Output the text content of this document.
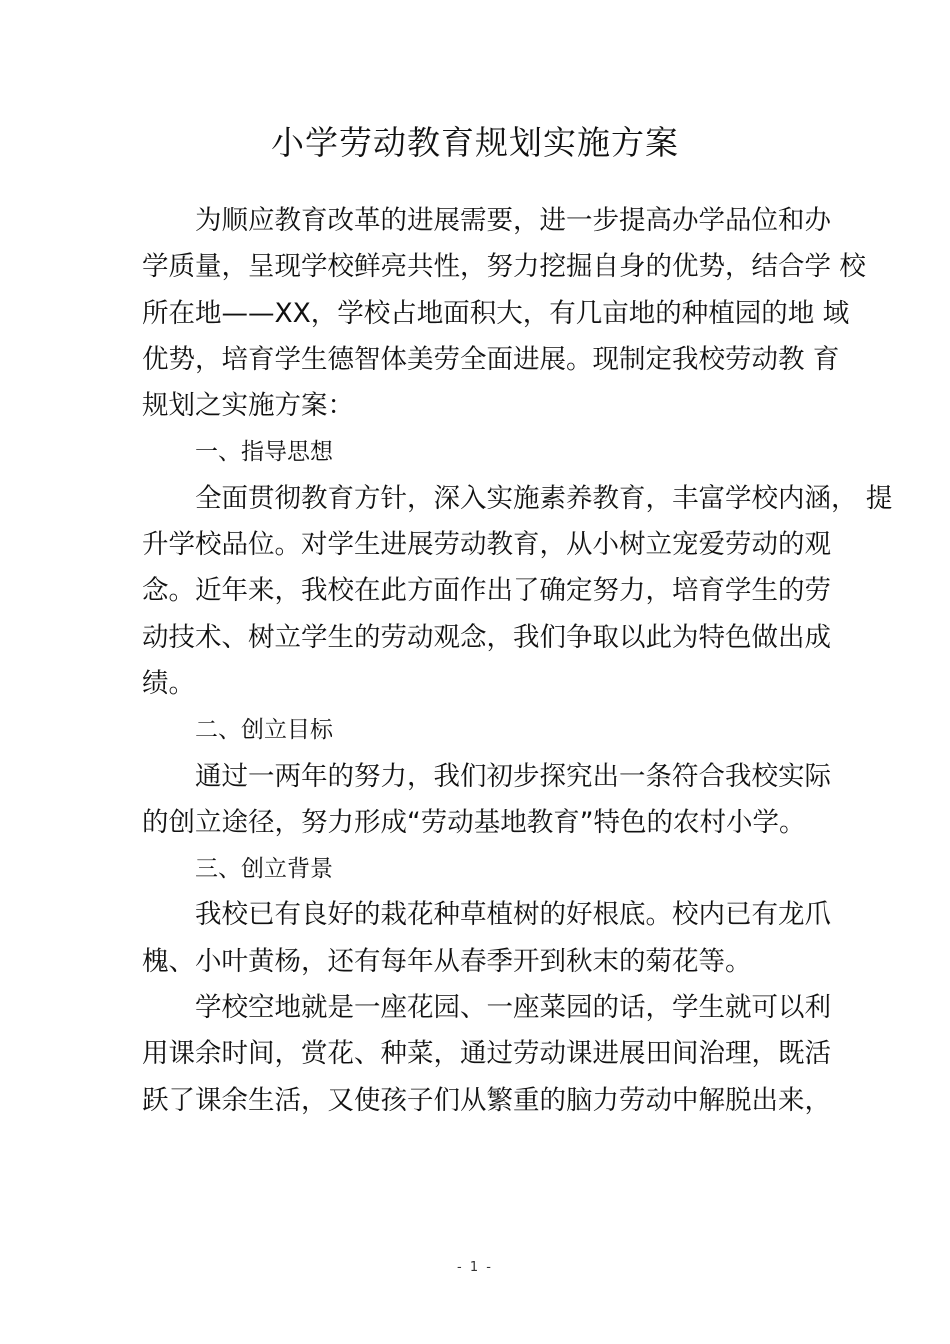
小学劳动教育规划实施方案

为顺应教育改革的进展需要，进一步提高办学品位和办

学质量，呈现学校鲜亮共性，努力挖掘自身的优势，结合学 校

所在地——XX，学校占地面积大，有几亩地的种植园的地 域

优势，培育学生德智体美劳全面进展。现制定我校劳动教 育

规划之实施方案：

一、指导思想

全面贯彻教育方针，深入实施素养教育，丰富学校内涵， 提

升学校品位。对学生进展劳动教育，从小树立宠爱劳动的观

念。近年来，我校在此方面作出了确定努力，培育学生的劳

动技术、树立学生的劳动观念，我们争取以此为特色做出成

绩。

二、创立目标

通过一两年的努力，我们初步探究出一条符合我校实际

的创立途径，努力形成“劳动基地教育”特色的农村小学。

三、创立背景

我校已有良好的栽花种草植树的好根底。校内已有龙爪

槐、小叶黄杨，还有每年从春季开到秋末的菊花等。

学校空地就是一座花园、一座菜园的话，学生就可以利

用课余时间，赏花、种菜，通过劳动课进展田间治理，既活

跃了课余生活，又使孩子们从繁重的脑力劳动中解脱出来，

- 1 -
